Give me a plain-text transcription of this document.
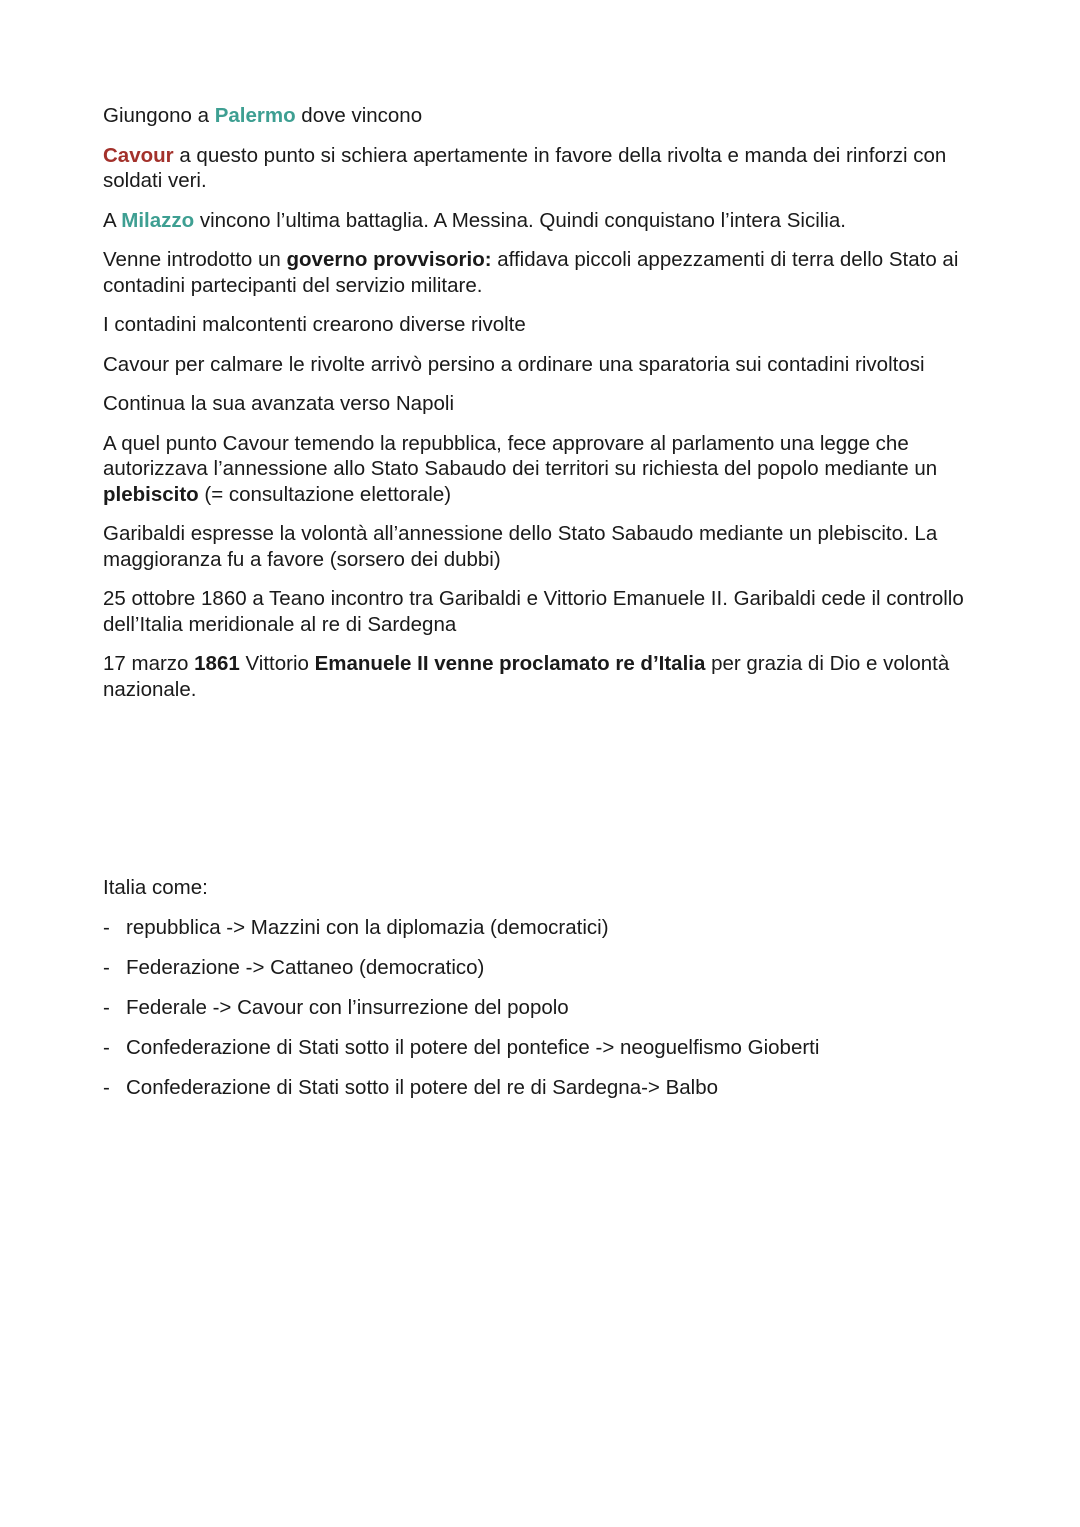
Giungono a Palermo dove vincono

Cavour a questo punto si schiera apertamente in favore della rivolta e manda dei rinforzi con soldati veri.

A Milazzo vincono l’ultima battaglia. A Messina. Quindi conquistano l’intera Sicilia.

Venne introdotto un governo provvisorio: affidava piccoli appezzamenti di terra dello Stato ai contadini partecipanti del servizio militare.

I contadini malcontenti crearono diverse rivolte

Cavour per calmare le rivolte arrivò persino a ordinare una sparatoria sui contadini rivoltosi

Continua la sua avanzata verso Napoli

A quel punto Cavour temendo la repubblica, fece approvare al parlamento una legge che autorizzava l’annessione allo Stato Sabaudo dei territori su richiesta del popolo mediante un plebiscito (= consultazione elettorale)

Garibaldi espresse la volontà all’annessione dello Stato Sabaudo mediante un plebiscito. La maggioranza fu a favore (sorsero dei dubbi)

25 ottobre 1860 a Teano incontro tra Garibaldi e Vittorio Emanuele II. Garibaldi cede il controllo dell’Italia meridionale al re di Sardegna

17 marzo 1861 Vittorio Emanuele II venne proclamato re d’Italia per grazia di Dio e volontà nazionale.

Italia come:

- repubblica -> Mazzini con la diplomazia (democratici)
- Federazione -> Cattaneo (democratico)
- Federale -> Cavour con l’insurrezione del popolo
- Confederazione di Stati sotto il potere del pontefice -> neoguelfismo Gioberti
- Confederazione di Stati sotto il potere del re di Sardegna-> Balbo
